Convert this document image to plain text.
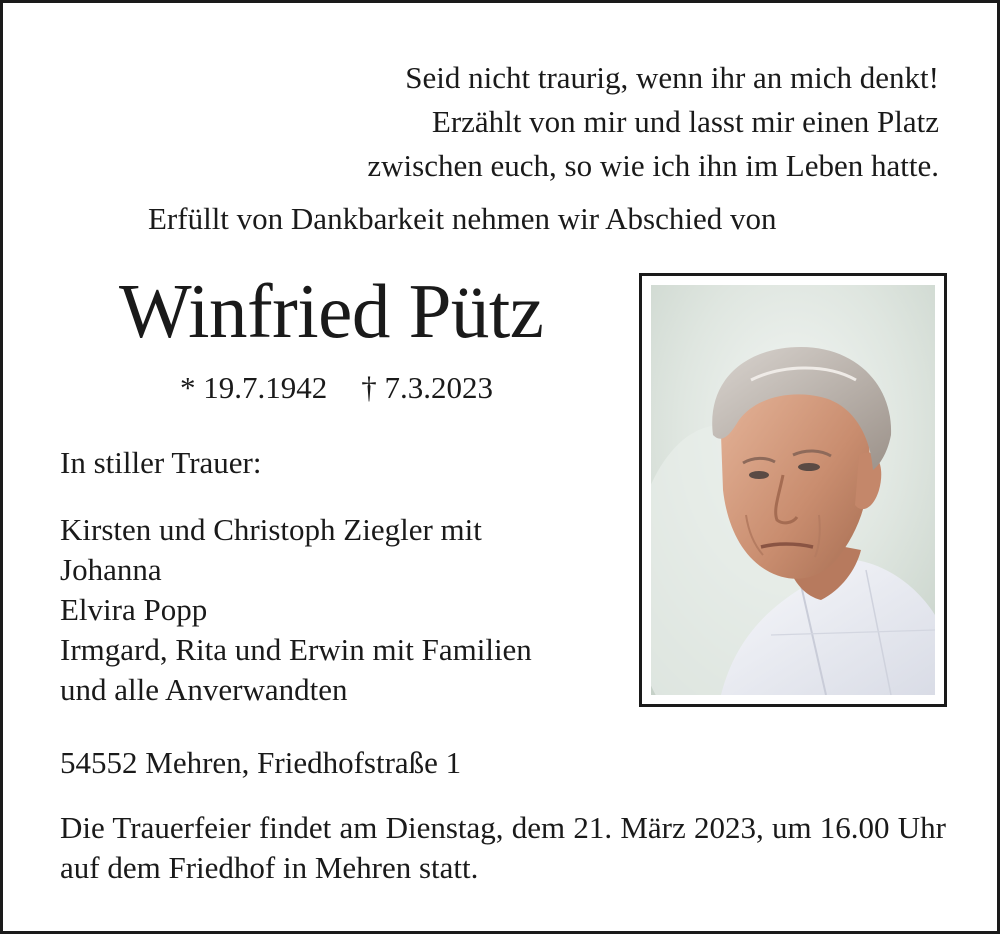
Seid nicht traurig, wenn ihr an mich denkt!
Erzählt von mir und lasst mir einen Platz
zwischen euch, so wie ich ihn im Leben hatte.
Erfüllt von Dankbarkeit nehmen wir Abschied von
Winfried Pütz
* 19.7.1942 † 7.3.2023
In stiller Trauer:
Kirsten und Christoph Ziegler mit
Johanna
Elvira Popp
Irmgard, Rita und Erwin mit Familien
und alle Anverwandten
54552 Mehren, Friedhofstraße 1
Die Trauerfeier findet am Dienstag, dem 21. März 2023, um 16.00 Uhr auf dem Friedhof in Mehren statt.
